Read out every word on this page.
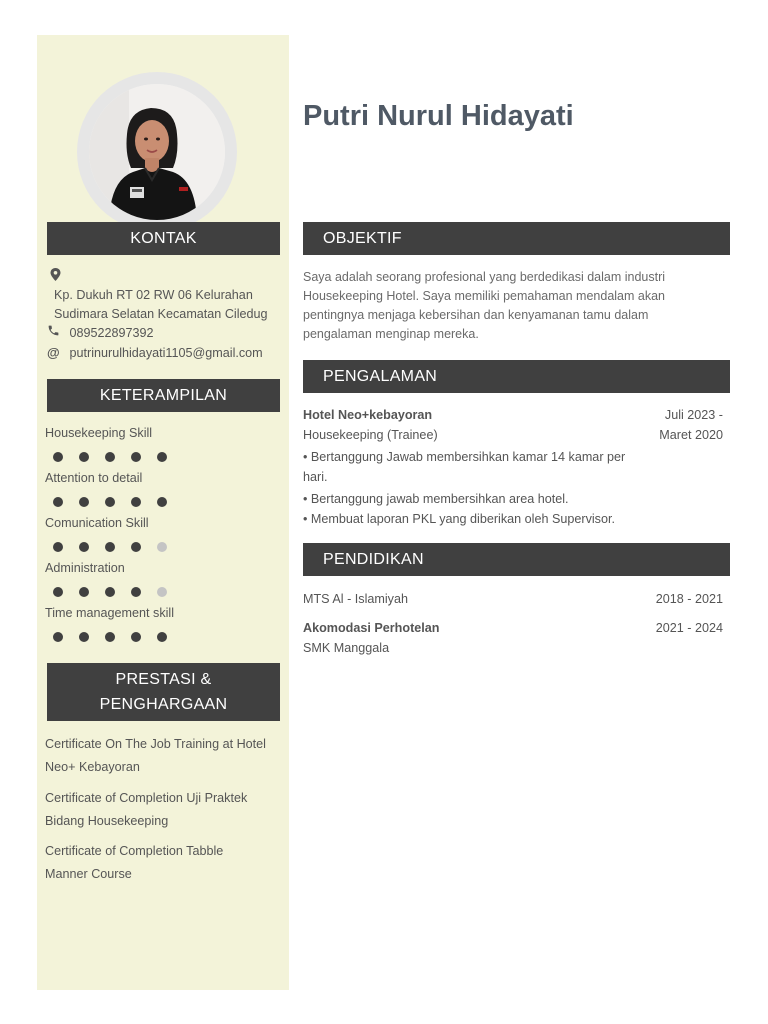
KONTAK
Kp. Dukuh RT 02 RW 06 Kelurahan Sudimara Selatan Kecamatan Ciledug
089522897392
@ putrinurulhidayati1105@gmail.com
KETERAMPILAN
Housekeeping Skill
Attention to detail
Comunication Skill
Administration
Time management skill
PRESTASI &
PENGHARGAAN
Certificate On The Job Training at Hotel
Neo+ Kebayoran
Certificate of Completion Uji Praktek
Bidang Housekeeping
Certificate of Completion Tabble
Manner Course
Putri Nurul Hidayati
OBJEKTIF
Saya adalah seorang profesional yang berdedikasi dalam industri
Housekeeping Hotel. Saya memiliki pemahaman mendalam akan
pentingnya menjaga kebersihan dan kenyamanan tamu dalam
pengalaman menginap mereka.
PENGALAMAN
Hotel Neo+kebayoran
Housekeeping (Trainee)
Juli 2023 -
Maret 2020
• Bertanggung Jawab membersihkan kamar 14 kamar per
hari.
• Bertanggung jawab membersihkan area hotel.
• Membuat laporan PKL yang diberikan oleh Supervisor.
PENDIDIKAN
MTS Al - Islamiyah	2018 - 2021
Akomodasi Perhotelan	2021 - 2024
SMK Manggala
